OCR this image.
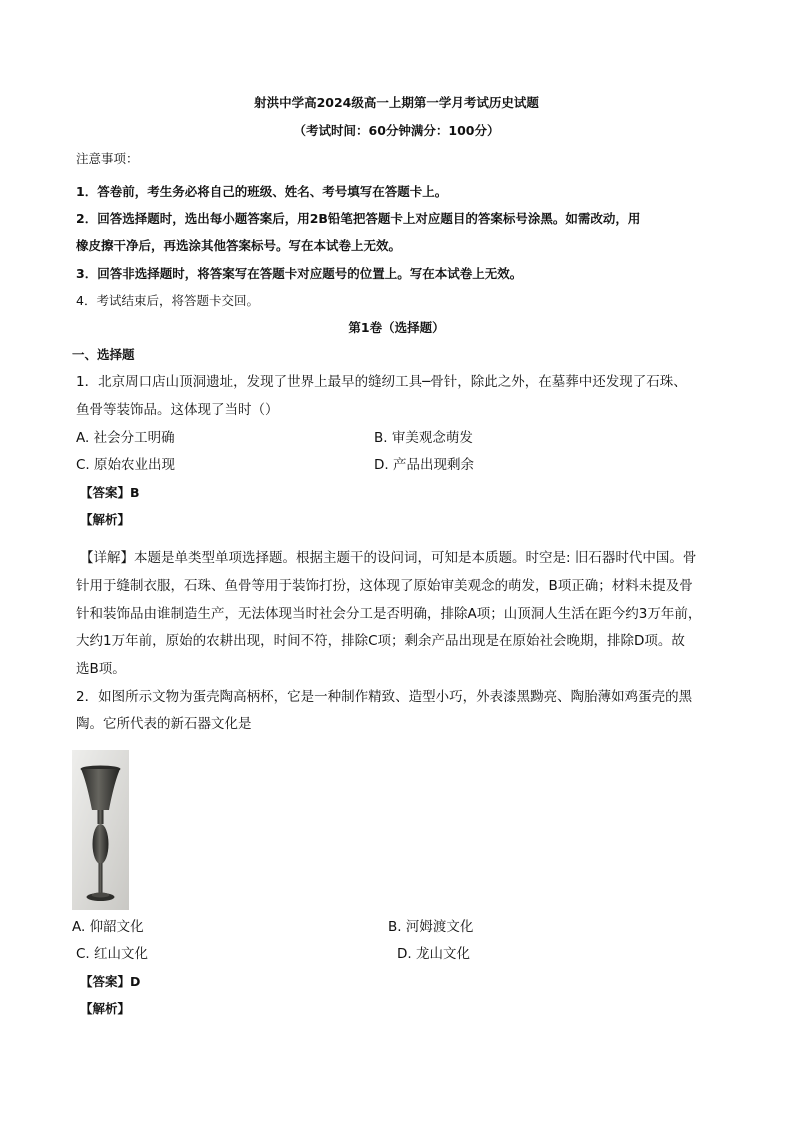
射洪中学高2024级高一上期第一学月考试历史试题
（考试时间：60分钟满分：100分）
注意事项：
1．答卷前，考生务必将自己的班级、姓名、考号填写在答题卡上。
2．回答选择题时，选出每小题答案后，用2B铅笔把答题卡上对应题目的答案标号涂黑。如需改动，用
橡皮擦干净后，再选涂其他答案标号。写在本试卷上无效。
3．回答非选择题时，将答案写在答题卡对应题号的位置上。写在本试卷上无效。
4．考试结束后，将答题卡交回。
第1卷（选择题）
一、选择题
1．北京周口店山顶洞遗址，发现了世界上最早的缝纫工具─骨针，除此之外，在墓葬中还发现了石珠、
鱼骨等装饰品。这体现了当时（）
A. 社会分工明确	B. 审美观念萌发
C. 原始农业出现	D. 产品出现剩余
【答案】B
【解析】
【详解】本题是单类型单项选择题。根据主题干的设问词，可知是本质题。时空是: 旧石器时代中国。骨
针用于缝制衣服，石珠、鱼骨等用于装饰打扮，这体现了原始审美观念的萌发，B项正确；材料未提及骨
针和装饰品由谁制造生产，无法体现当时社会分工是否明确，排除A项；山顶洞人生活在距今约3万年前，
大约1万年前，原始的农耕出现，时间不符，排除C项；剩余产品出现是在原始社会晚期，排除D项。故
选B项。
2．如图所示文物为蛋壳陶高柄杯，它是一种制作精致、造型小巧，外表漆黑黝亮、陶胎薄如鸡蛋壳的黑
陶。它所代表的新石器文化是
A. 仰韶文化	B. 河姆渡文化
C. 红山文化	D. 龙山文化
【答案】D
【解析】
